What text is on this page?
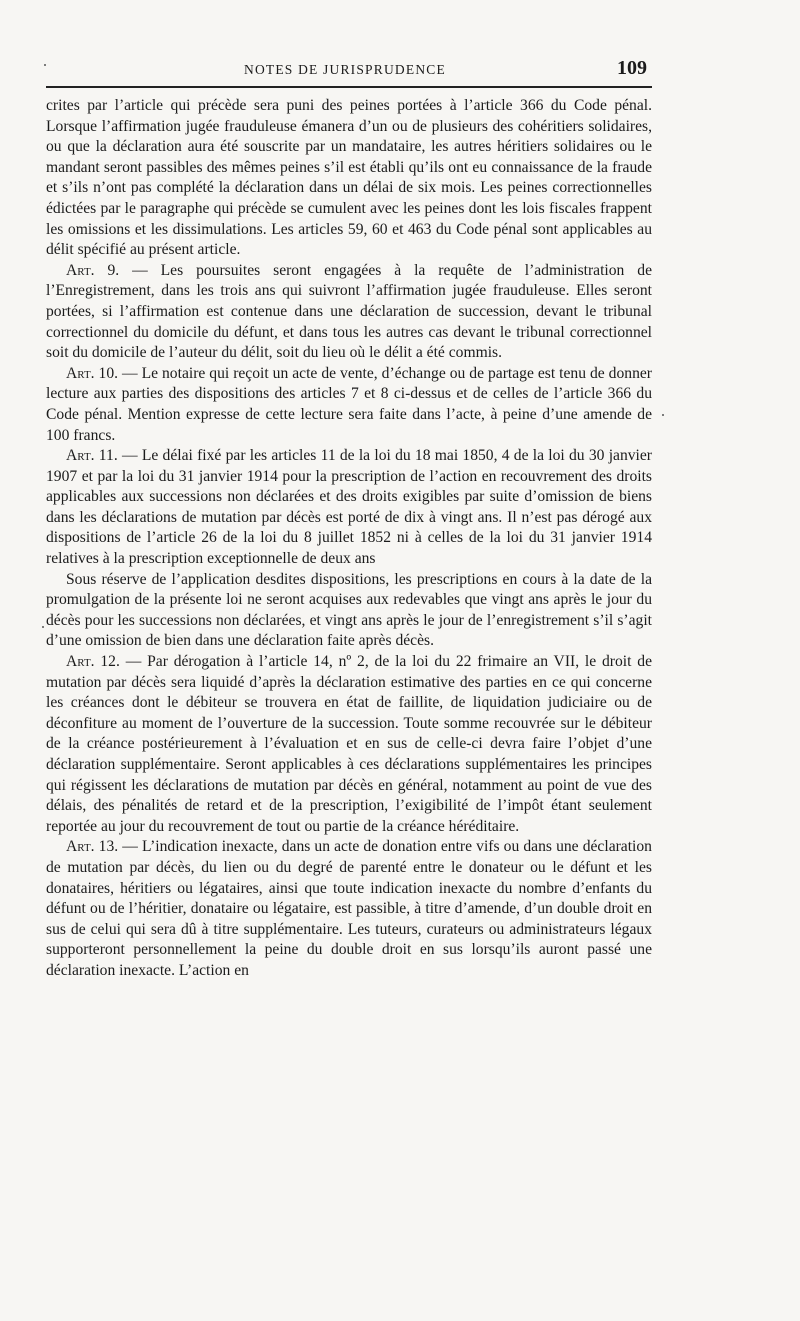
NOTES DE JURISPRUDENCE	109

crites par l’article qui précède sera puni des peines portées à l’article 366 du Code pénal. Lorsque l’affirmation jugée frauduleuse émanera d’un ou de plusieurs des cohéritiers solidaires, ou que la déclaration aura été souscrite par un mandataire, les autres héritiers solidaires ou le mandant seront passibles des mêmes peines s’il est établi qu’ils ont eu connaissance de la fraude et s’ils n’ont pas complété la déclaration dans un délai de six mois. Les peines correctionnelles édictées par le paragraphe qui précède se cumulent avec les peines dont les lois fiscales frappent les omissions et les dissimulations. Les articles 59, 60 et 463 du Code pénal sont applicables au délit spécifié au présent article.

Art. 9. — Les poursuites seront engagées à la requête de l’administration de l’Enregistrement, dans les trois ans qui suivront l’affirmation jugée frauduleuse. Elles seront portées, si l’affirmation est contenue dans une déclaration de succession, devant le tribunal correctionnel du domicile du défunt, et dans tous les autres cas devant le tribunal correctionnel soit du domicile de l’auteur du délit, soit du lieu où le délit a été commis.

Art. 10. — Le notaire qui reçoit un acte de vente, d’échange ou de partage est tenu de donner lecture aux parties des dispositions des articles 7 et 8 ci-dessus et de celles de l’article 366 du Code pénal. Mention expresse de cette lecture sera faite dans l’acte, à peine d’une amende de 100 francs.

Art. 11. — Le délai fixé par les articles 11 de la loi du 18 mai 1850, 4 de la loi du 30 janvier 1907 et par la loi du 31 janvier 1914 pour la prescription de l’action en recouvrement des droits applicables aux successions non déclarées et des droits exigibles par suite d’omission de biens dans les déclarations de mutation par décès est porté de dix à vingt ans. Il n’est pas dérogé aux dispositions de l’article 26 de la loi du 8 juillet 1852 ni à celles de la loi du 31 janvier 1914 relatives à la prescription exceptionnelle de deux ans

Sous réserve de l’application desdites dispositions, les prescriptions en cours à la date de la promulgation de la présente loi ne seront acquises aux redevables que vingt ans après le jour du décès pour les successions non déclarées, et vingt ans après le jour de l’enregistrement s’il s’agit d’une omission de bien dans une déclaration faite après décès.

Art. 12. — Par dérogation à l’article 14, nº 2, de la loi du 22 frimaire an VII, le droit de mutation par décès sera liquidé d’après la déclaration estimative des parties en ce qui concerne les créances dont le débiteur se trouvera en état de faillite, de liquidation judiciaire ou de déconfiture au moment de l’ouverture de la succession. Toute somme recouvrée sur le débiteur de la créance postérieurement à l’évaluation et en sus de celle-ci devra faire l’objet d’une déclaration supplémentaire. Seront applicables à ces déclarations supplémentaires les principes qui régissent les déclarations de mutation par décès en général, notamment au point de vue des délais, des pénalités de retard et de la prescription, l’exigibilité de l’impôt étant seulement reportée au jour du recouvrement de tout ou partie de la créance héréditaire.

Art. 13. — L’indication inexacte, dans un acte de donation entre vifs ou dans une déclaration de mutation par décès, du lien ou du degré de parenté entre le donateur ou le défunt et les donataires, héritiers ou légataires, ainsi que toute indication inexacte du nombre d’enfants du défunt ou de l’héritier, donataire ou légataire, est passible, à titre d’amende, d’un double droit en sus de celui qui sera dû à titre supplémentaire. Les tuteurs, curateurs ou administrateurs légaux supporteront personnellement la peine du double droit en sus lorsqu’ils auront passé une déclaration inexacte. L’action en
